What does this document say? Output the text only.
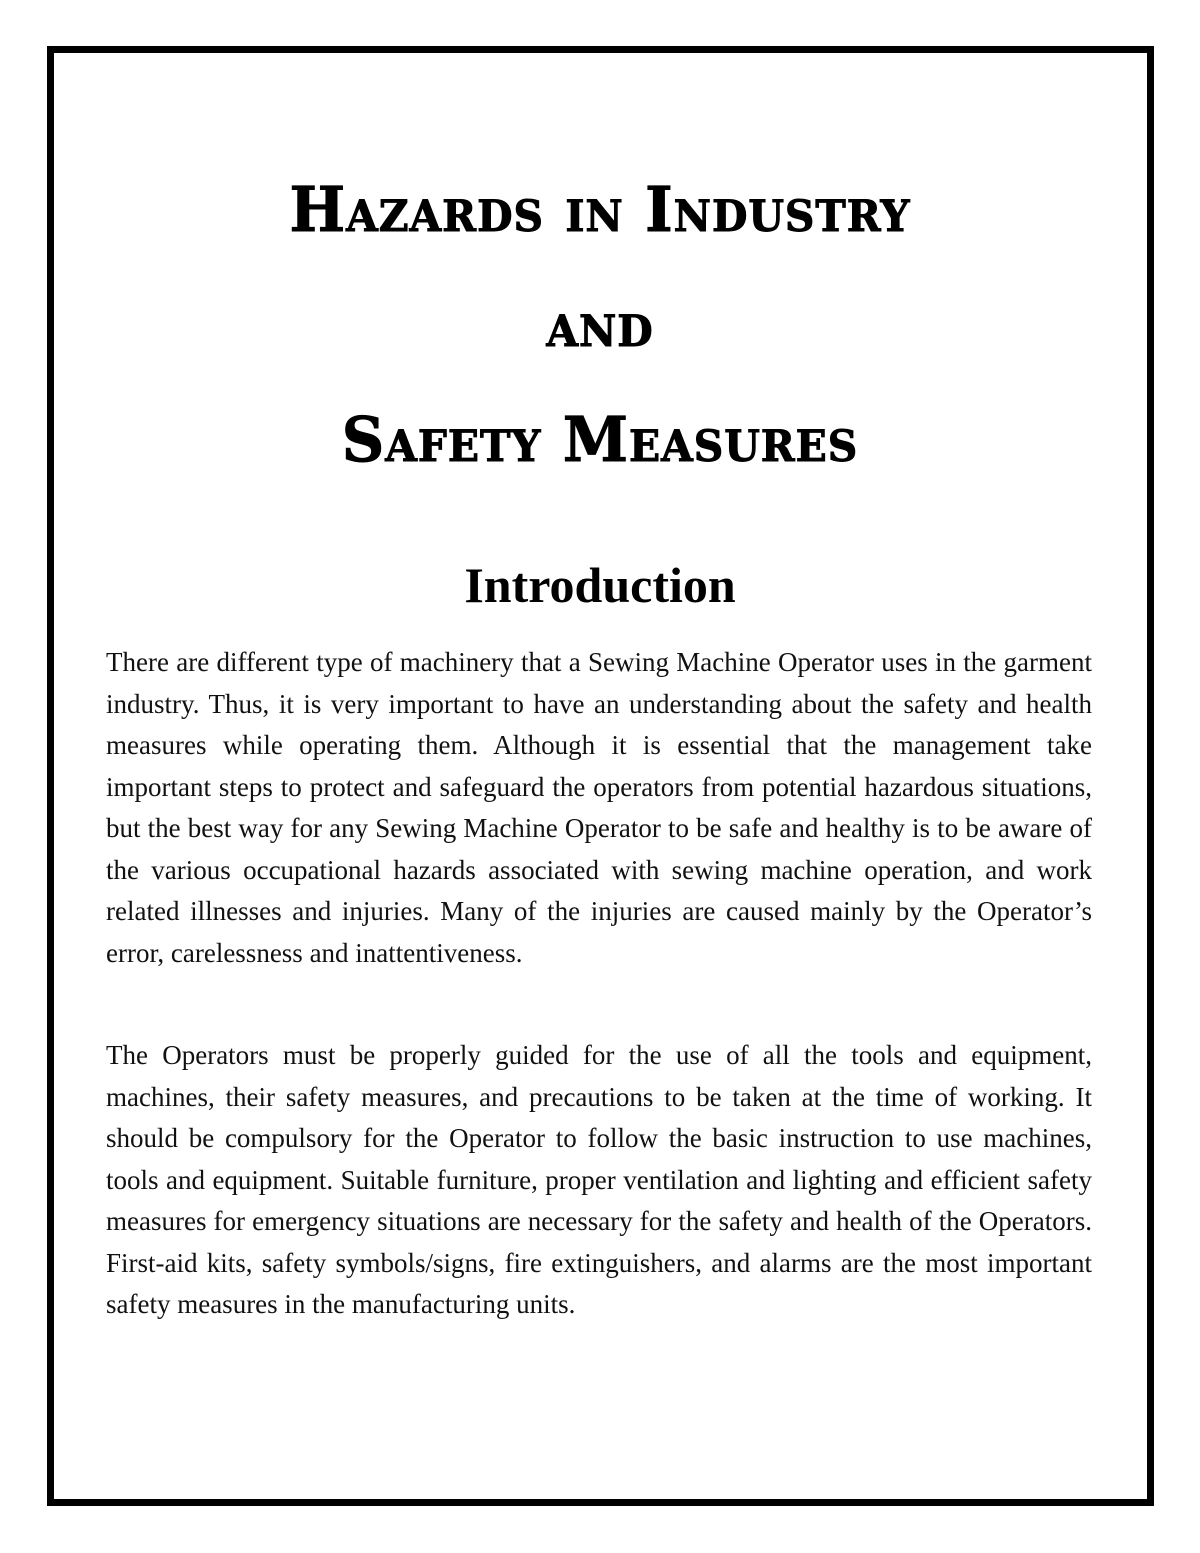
Hazards in Industry
and
Safety Measures
Introduction

There are different type of machinery that a Sewing Machine Operator uses in the garment industry. Thus, it is very important to have an understanding about the safety and health measures while operating them. Although it is essential that the management take important steps to protect and safeguard the operators from potential hazardous situations, but the best way for any Sewing Machine Operator to be safe and healthy is to be aware of the various occupational hazards associated with sewing machine operation, and work related illnesses and injuries. Many of the injuries are caused mainly by the Operator’s error, carelessness and inattentiveness.

The Operators must be properly guided for the use of all the tools and equipment, machines, their safety measures, and precautions to be taken at the time of working. It should be compulsory for the Operator to follow the basic instruction to use machines, tools and equipment. Suitable furniture, proper ventilation and lighting and efficient safety measures for emergency situations are necessary for the safety and health of the Operators. First-aid kits, safety symbols/signs, fire extinguishers, and alarms are the most important safety measures in the manufacturing units.
